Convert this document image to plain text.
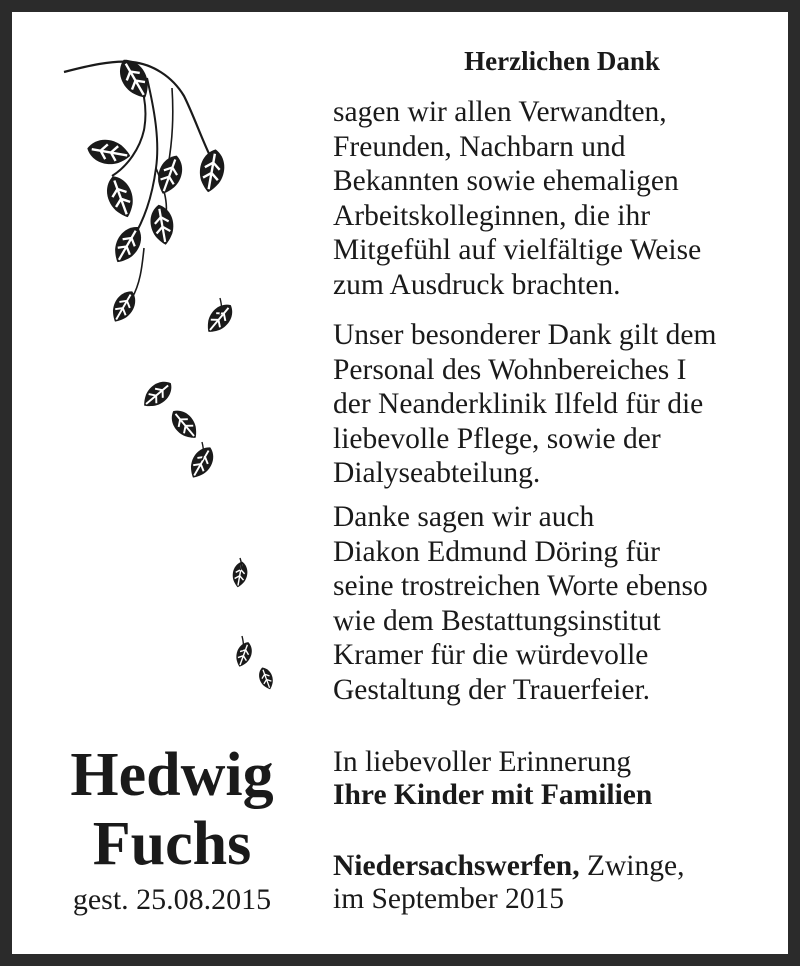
Herzlichen Dank
sagen wir allen Verwandten,
Freunden, Nachbarn und
Bekannten sowie ehemaligen
Arbeitskolleginnen, die ihr
Mitgefühl auf vielfältige Weise
zum Ausdruck brachten.
Unser besonderer Dank gilt dem
Personal des Wohnbereiches I
der Neanderklinik Ilfeld für die
liebevolle Pflege, sowie der
Dialyseabteilung.
Danke sagen wir auch
Diakon Edmund Döring für
seine trostreichen Worte ebenso
wie dem Bestattungsinstitut
Kramer für die würdevolle
Gestaltung der Trauerfeier.
In liebevoller Erinnerung
Ihre Kinder mit Familien
Niedersachswerfen, Zwinge,
im September 2015
Hedwig
Fuchs
gest. 25.08.2015
